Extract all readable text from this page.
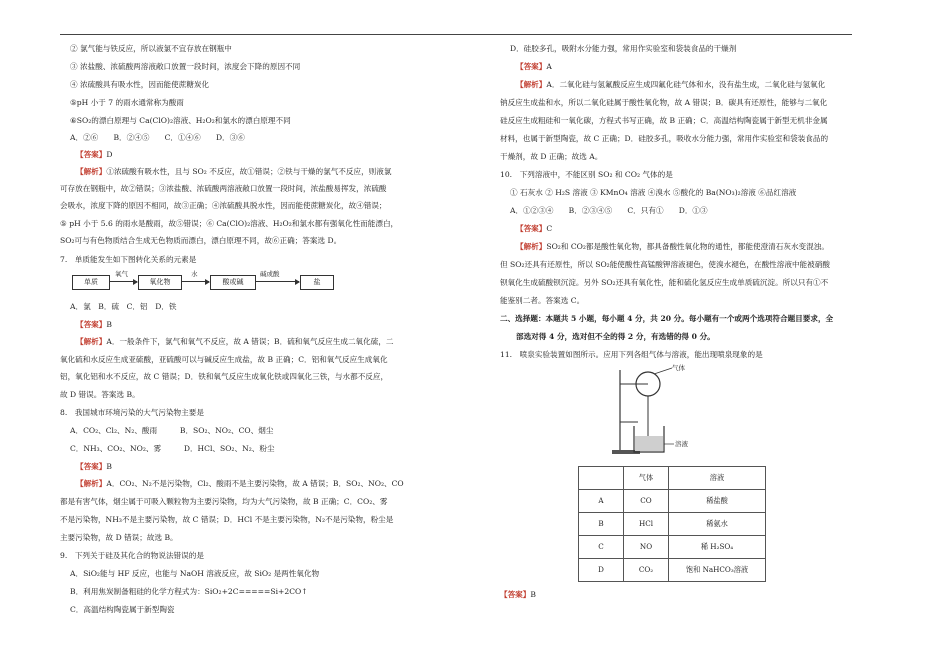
② 氯气能与铁反应，所以液氯不宜存放在钢瓶中
③ 浓盐酸、浓硫酸两溶液敞口放置一段时间，浓度会下降的原因不同
④ 浓硫酸具有吸水性，因而能使蔗糖炭化
⑤pH 小于 7 的雨水通常称为酸雨
⑥SO₂的漂白原理与 Ca(ClO)₂溶液、H₂O₂和氯水的漂白原理不同
A．②⑥　　B．②④⑤　　C．①④⑥　　D．③⑥
【答案】D
【解析】①浓硫酸有吸水性，且与 SO₂ 不反应，故①错误；②铁与干燥的氯气不反应，则液氯
可存放在钢瓶中，故②错误；③浓盐酸、浓硫酸两溶液敞口放置一段时间，浓盐酸易挥发，浓硫酸
会吸水，浓度下降的原因不相同，故③正确；④浓硫酸具脱水性，因而能使蔗糖炭化，故④错误；
⑤ pH 小于 5.6 的雨水是酸雨，故⑤错误；⑥ Ca(ClO)₂溶液、H₂O₂和氯水都有强氧化性而能漂白，
SO₂可与有色物质结合生成无色物质而漂白，漂白原理不同，故⑥正确；答案选 D。
7.　单质能发生如下图转化关系的元素是
单质
氧气
氧化物
水
酸或碱
碱或酸
盐
A．氯　B．硫　C．铝　D．铁
【答案】B
【解析】A．一般条件下，氯气和氧气不反应，故 A 错误；B．硫和氧气反应生成二氧化硫，二
氧化硫和水反应生成亚硫酸，亚硫酸可以与碱反应生成盐，故 B 正确；C．铝和氧气反应生成氧化
铝，氧化铝和水不反应，故 C 错误；D．铁和氧气反应生成氧化铁或四氧化三铁，与水都不反应，
故 D 错误。答案选 B。
8.　我国城市环境污染的大气污染物主要是
A．CO₂、Cl₂、N₂、酸雨　　　B．SO₂、NO₂、CO、烟尘
C．NH₃、CO₂、NO₂、雾　　　D．HCl、SO₂、N₂、粉尘
【答案】B
【解析】A．CO₂、N₂不是污染物，Cl₂、酸雨不是主要污染物，故 A 错误；B．SO₂、NO₂、CO
都是有害气体，烟尘属于可吸入颗粒物为主要污染物，均为大气污染物，故 B 正确；C．CO₂、雾
不是污染物，NH₃不是主要污染物，故 C 错误；D．HCl 不是主要污染物，N₂不是污染物，粉尘是
主要污染物，故 D 错误；故选 B。
9.　下列关于硅及其化合的物说法错误的是
A．SiO₂能与 HF 反应，也能与 NaOH 溶液反应，故 SiO₂ 是两性氧化物
B．利用焦炭制备粗硅的化学方程式为：SiO₂+2C=====Si+2CO↑
C．高温结构陶瓷属于新型陶瓷
D．硅胶多孔，吸附水分能力强，常用作实验室和袋装食品的干燥剂
【答案】A
【解析】A．二氧化硅与氢氟酸反应生成四氟化硅气体和水，没有盐生成，二氧化硅与氢氧化
钠反应生成盐和水，所以二氧化硅属于酸性氧化物，故 A 错误；B．碳具有还原性，能够与二氧化
硅反应生成粗硅和一氧化碳，方程式书写正确，故 B 正确；C．高温结构陶瓷属于新型无机非金属
材料，也属于新型陶瓷，故 C 正确；D．硅胶多孔，吸收水分能力强，常用作实验室和袋装食品的
干燥剂，故 D 正确；故选 A。
10.　下列溶液中，不能区别 SO₂ 和 CO₂ 气体的是
① 石灰水 ② H₂S 溶液 ③ KMnO₄ 溶液 ④溴水 ⑤酸化的 Ba(NO₃)₂溶液 ⑥品红溶液
A．①②③④　　B．②③④⑤　　C．只有①　　D．①③
【答案】C
【解析】SO₂和 CO₂都是酸性氧化物，都具备酸性氧化物的通性，都能使澄清石灰水变混浊。
但 SO₂还具有还原性，所以 SO₂能使酸性高锰酸钾溶液褪色，使溴水褪色，在酸性溶液中能被硝酸
钡氧化生成硫酸钡沉淀。另外 SO₂还具有氧化性，能和硫化氢反应生成单质硫沉淀。所以只有①不
能鉴别二者。答案选 C。
二、选择题：本题共 5 小题，每小题 4 分，共 20 分。每小题有一个或两个选项符合题目要求，全
部选对得 4 分，选对但不全的得 2 分，有选错的得 0 分。
11.　喷泉实验装置如图所示。应用下列各组气体与溶液，能出现喷泉现象的是
气体
溶液
	气体	溶液
A	CO	稀盐酸
B	HCl	稀氨水
C	NO	稀 H₂SO₄
D	CO₂	饱和 NaHCO₃溶液
【答案】B
